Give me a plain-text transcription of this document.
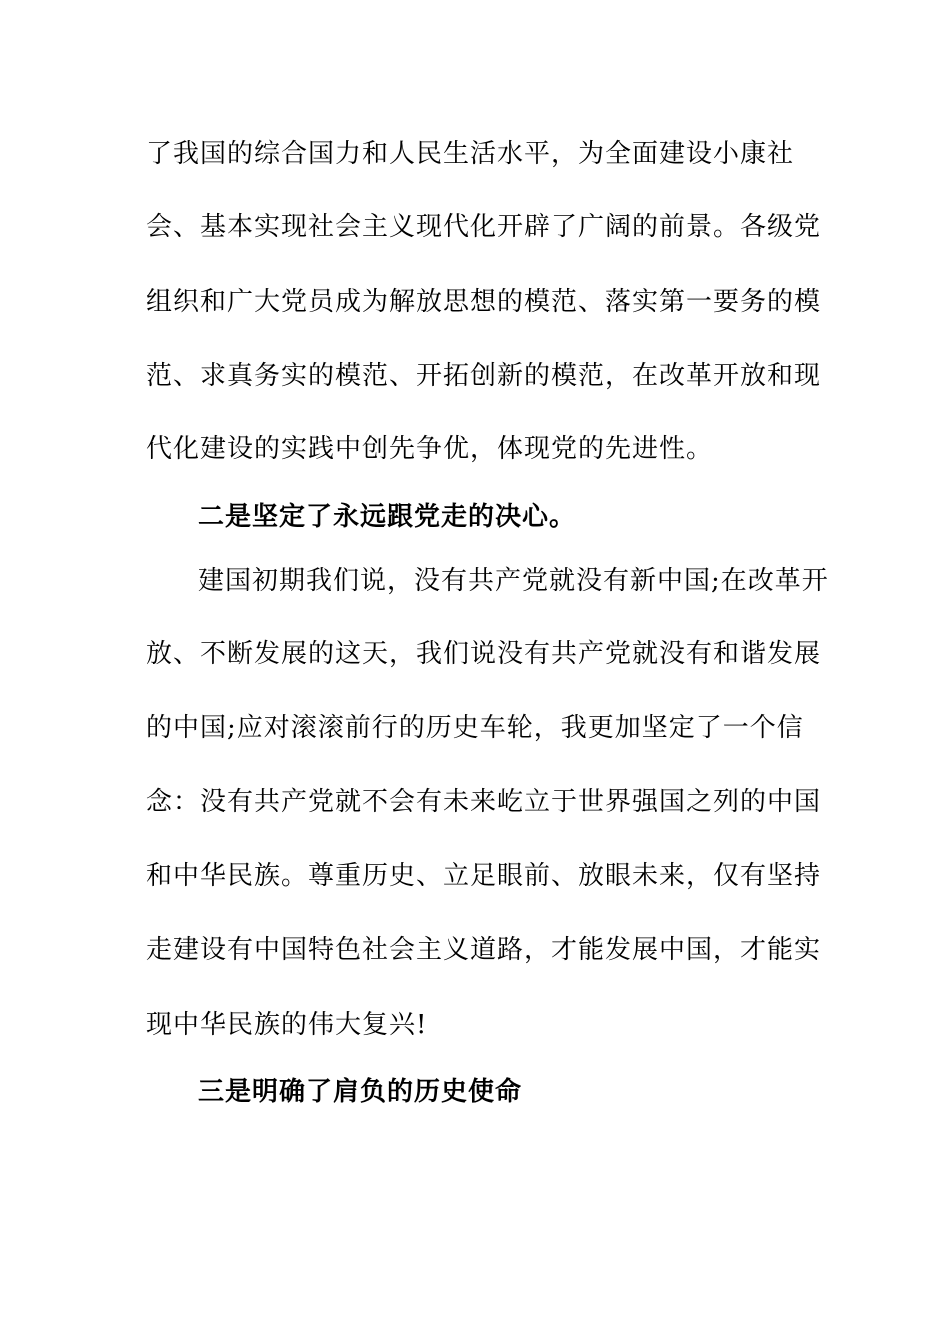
了我国的综合国力和人民生活水平，为全面建设小康社

会、基本实现社会主义现代化开辟了广阔的前景。各级党

组织和广大党员成为解放思想的模范、落实第一要务的模

范、求真务实的模范、开拓创新的模范，在改革开放和现

代化建设的实践中创先争优，体现党的先进性。

二是坚定了永远跟党走的决心。

建国初期我们说，没有共产党就没有新中国;在改革开

放、不断发展的这天，我们说没有共产党就没有和谐发展

的中国;应对滚滚前行的历史车轮，我更加坚定了一个信

念：没有共产党就不会有未来屹立于世界强国之列的中国

和中华民族。尊重历史、立足眼前、放眼未来，仅有坚持

走建设有中国特色社会主义道路，才能发展中国，才能实

现中华民族的伟大复兴!

三是明确了肩负的历史使命
